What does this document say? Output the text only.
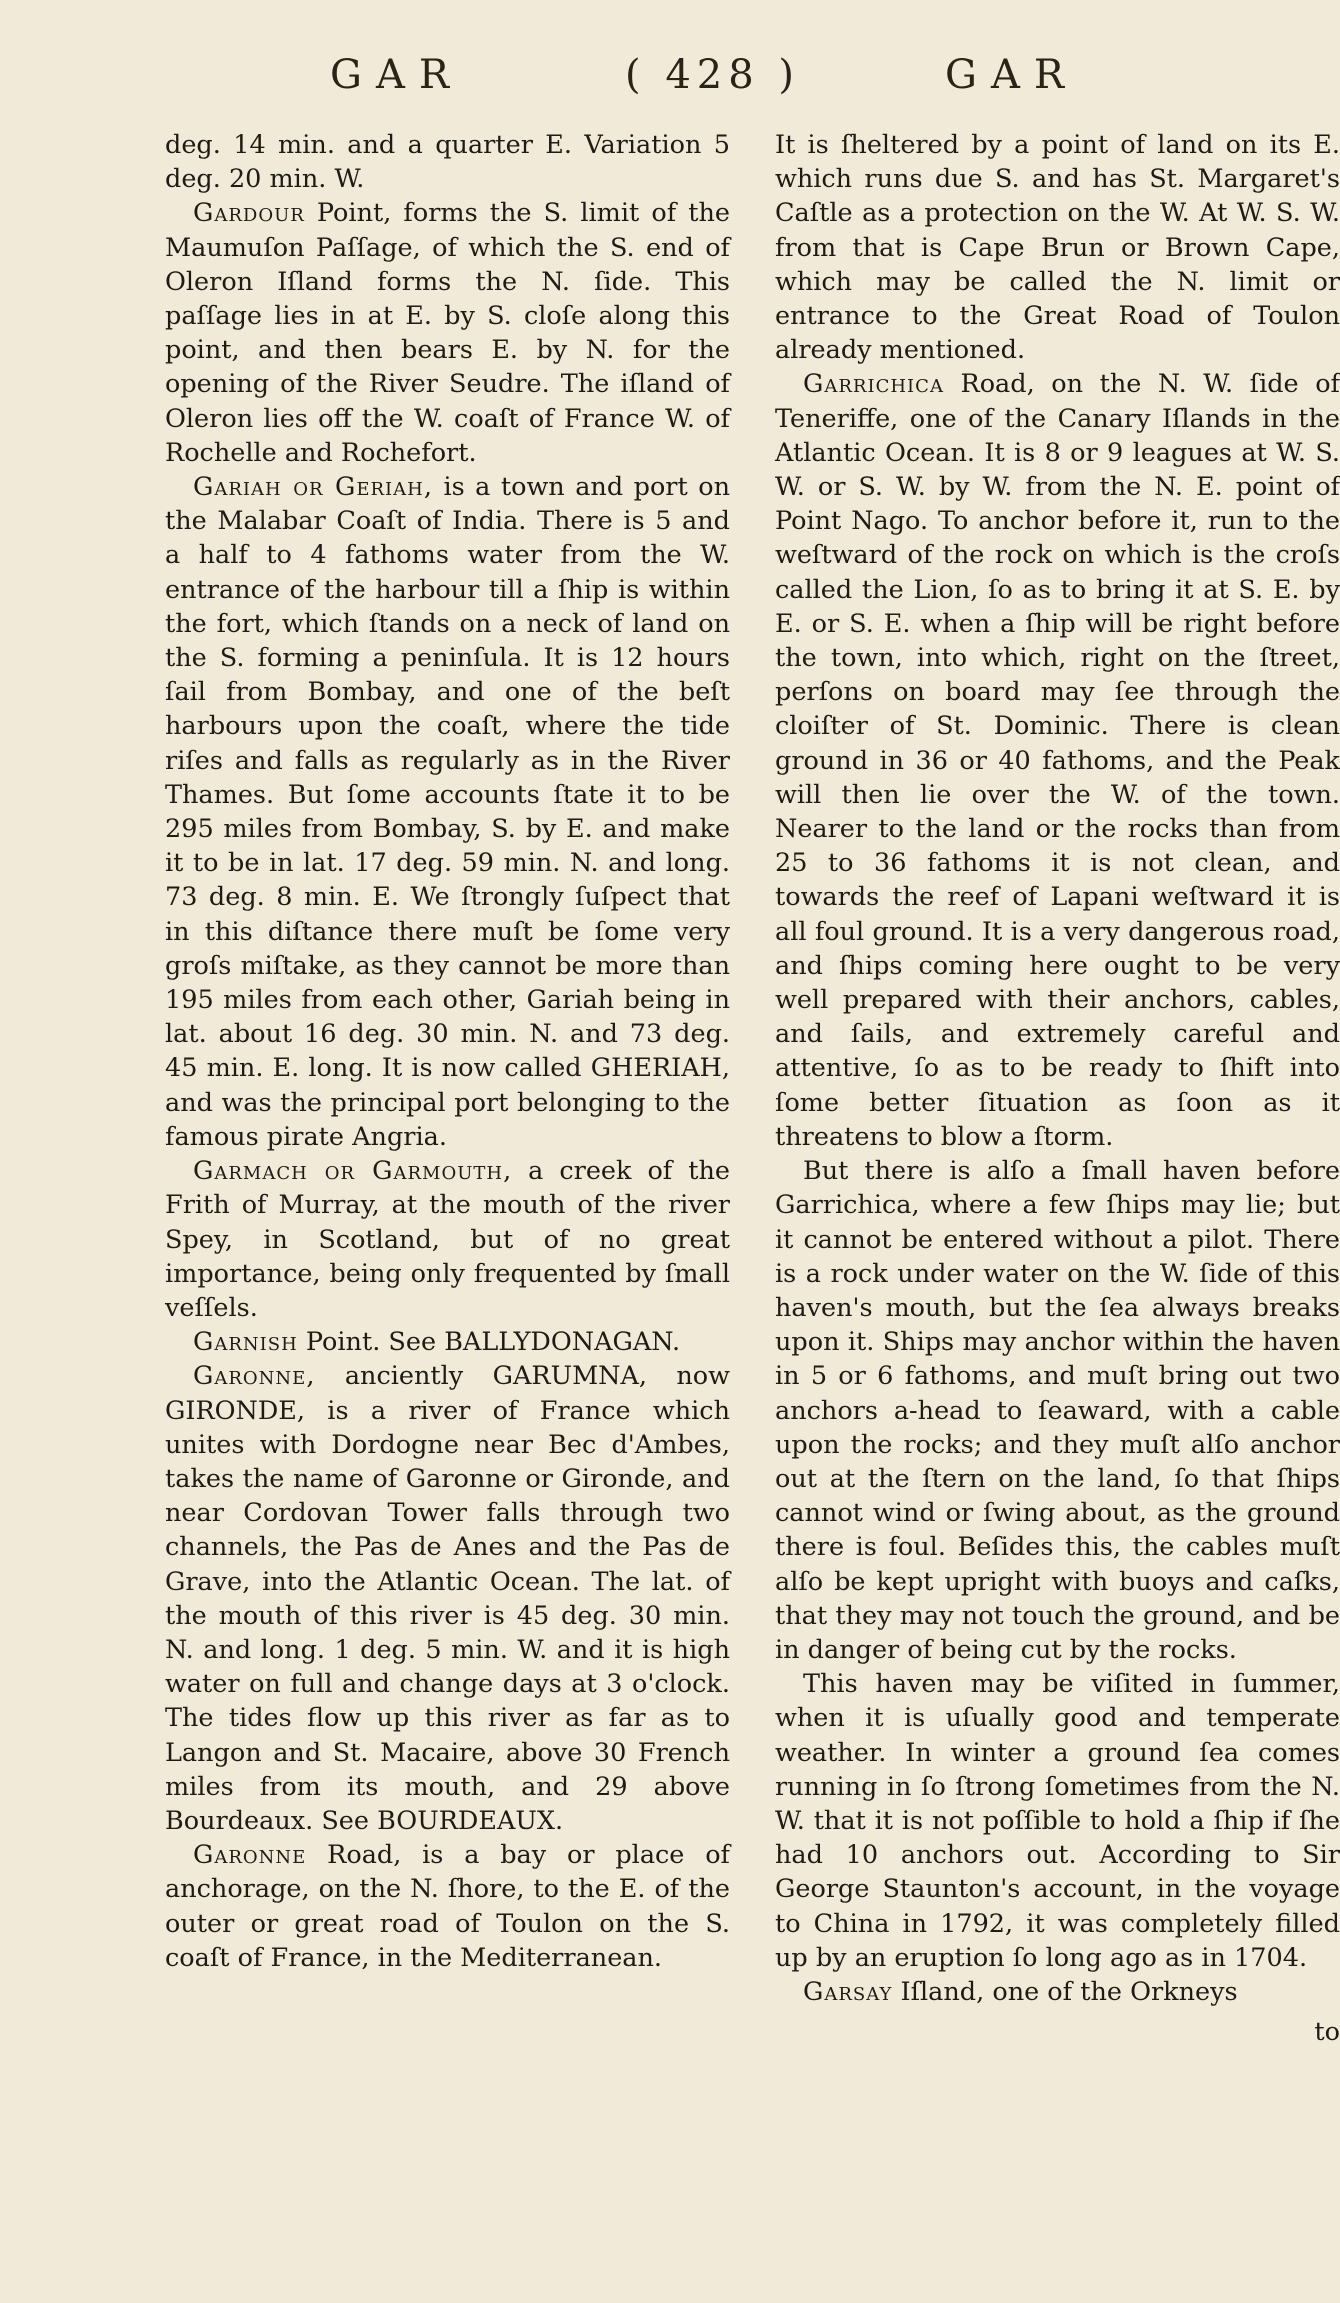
GAR	( 428 )	GAR

deg. 14 min. and a quarter E. Variation 5 deg. 20 min. W.

Gardour Point, forms the S. limit of the Maumuſon Paſſage, of which the S. end of Oleron Iſland forms the N. ſide. This paſſage lies in at E. by S. cloſe along this point, and then bears E. by N. for the opening of the River Seudre. The iſland of Oleron lies off the W. coaſt of France W. of Rochelle and Rochefort.

Gariah or Geriah, is a town and port on the Malabar Coaſt of India. There is 5 and a half to 4 fathoms water from the W. entrance of the harbour till a ſhip is within the fort, which ſtands on a neck of land on the S. forming a peninſula. It is 12 hours ſail from Bombay, and one of the beſt harbours upon the coaſt, where the tide riſes and falls as regularly as in the River Thames. But ſome accounts ſtate it to be 295 miles from Bombay, S. by E. and make it to be in lat. 17 deg. 59 min. N. and long. 73 deg. 8 min. E. We ſtrongly ſuſpect that in this diſtance there muſt be ſome very groſs miſtake, as they cannot be more than 195 miles from each other, Gariah being in lat. about 16 deg. 30 min. N. and 73 deg. 45 min. E. long. It is now called GHERIAH, and was the principal port belonging to the famous pirate Angria.

Garmach or Garmouth, a creek of the Frith of Murray, at the mouth of the river Spey, in Scotland, but of no great importance, being only frequented by ſmall veſſels.

Garnish Point. See BALLYDONAGAN.

Garonne, anciently GARUMNA, now GIRONDE, is a river of France which unites with Dordogne near Bec d'Ambes, takes the name of Garonne or Gironde, and near Cordovan Tower falls through two channels, the Pas de Anes and the Pas de Grave, into the Atlantic Ocean. The lat. of the mouth of this river is 45 deg. 30 min. N. and long. 1 deg. 5 min. W. and it is high water on full and change days at 3 o'clock. The tides flow up this river as far as to Langon and St. Macaire, above 30 French miles from its mouth, and 29 above Bourdeaux. See BOURDEAUX.

Garonne Road, is a bay or place of anchorage, on the N. ſhore, to the E. of the outer or great road of Toulon on the S. coaſt of France, in the Mediterranean.

It is ſheltered by a point of land on its E. which runs due S. and has St. Margaret's Caſtle as a protection on the W. At W. S. W. from that is Cape Brun or Brown Cape, which may be called the N. limit or entrance to the Great Road of Toulon already mentioned.

Garrichica Road, on the N. W. ſide of Teneriffe, one of the Canary Iſlands in the Atlantic Ocean. It is 8 or 9 leagues at W. S. W. or S. W. by W. from the N. E. point of Point Nago. To anchor before it, run to the weſtward of the rock on which is the croſs called the Lion, ſo as to bring it at S. E. by E. or S. E. when a ſhip will be right before the town, into which, right on the ſtreet, perſons on board may ſee through the cloiſter of St. Dominic. There is clean ground in 36 or 40 fathoms, and the Peak will then lie over the W. of the town. Nearer to the land or the rocks than from 25 to 36 fathoms it is not clean, and towards the reef of Lapani weſtward it is all foul ground. It is a very dangerous road, and ſhips coming here ought to be very well prepared with their anchors, cables, and ſails, and extremely careful and attentive, ſo as to be ready to ſhift into ſome better ſituation as ſoon as it threatens to blow a ſtorm.

But there is alſo a ſmall haven before Garrichica, where a few ſhips may lie; but it cannot be entered without a pilot. There is a rock under water on the W. ſide of this haven's mouth, but the ſea always breaks upon it. Ships may anchor within the haven in 5 or 6 fathoms, and muſt bring out two anchors a-head to ſeaward, with a cable upon the rocks; and they muſt alſo anchor out at the ſtern on the land, ſo that ſhips cannot wind or ſwing about, as the ground there is foul. Beſides this, the cables muſt alſo be kept upright with buoys and caſks, that they may not touch the ground, and be in danger of being cut by the rocks.

This haven may be viſited in ſummer, when it is uſually good and temperate weather. In winter a ground ſea comes running in ſo ſtrong ſometimes from the N. W. that it is not poſſible to hold a ſhip if ſhe had 10 anchors out. According to Sir George Staunton's account, in the voyage to China in 1792, it was completely filled up by an eruption ſo long ago as in 1704.

Garsay Iſland, one of the Orkneys

to
